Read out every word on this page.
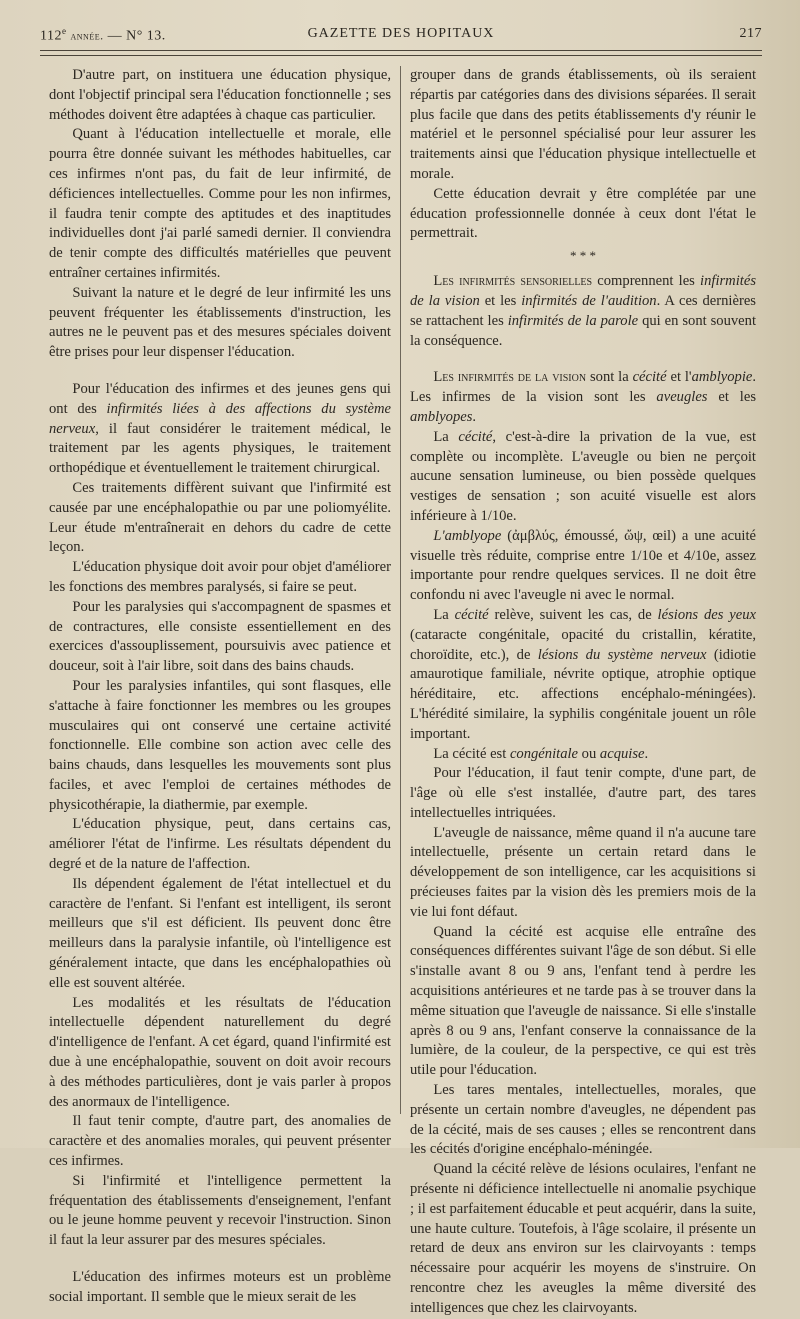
112e année. — N° 13.	GAZETTE DES HOPITAUX	217

D'autre part, on instituera une éducation physique, dont l'objectif principal sera l'éducation fonctionnelle ; ses méthodes doivent être adaptées à chaque cas particulier.

Quant à l'éducation intellectuelle et morale, elle pourra être donnée suivant les méthodes habituelles, car ces infirmes n'ont pas, du fait de leur infirmité, de déficiences intellectuelles. Comme pour les non infirmes, il faudra tenir compte des aptitudes et des inaptitudes individuelles dont j'ai parlé samedi dernier. Il conviendra de tenir compte des difficultés matérielles que peuvent entraîner certaines infirmités.

Suivant la nature et le degré de leur infirmité les uns peuvent fréquenter les établissements d'instruction, les autres ne le peuvent pas et des mesures spéciales doivent être prises pour leur dispenser l'éducation.

Pour l'éducation des infirmes et des jeunes gens qui ont des infirmités liées à des affections du système nerveux, il faut considérer le traitement médical, le traitement par les agents physiques, le traitement orthopédique et éventuellement le traitement chirurgical.

Ces traitements diffèrent suivant que l'infirmité est causée par une encéphalopathie ou par une poliomyélite. Leur étude m'entraînerait en dehors du cadre de cette leçon.

L'éducation physique doit avoir pour objet d'améliorer les fonctions des membres paralysés, si faire se peut.

Pour les paralysies qui s'accompagnent de spasmes et de contractures, elle consiste essentiellement en des exercices d'assouplissement, poursuivis avec patience et douceur, soit à l'air libre, soit dans des bains chauds.

Pour les paralysies infantiles, qui sont flasques, elle s'attache à faire fonctionner les membres ou les groupes musculaires qui ont conservé une certaine activité fonctionnelle. Elle combine son action avec celle des bains chauds, dans lesquelles les mouvements sont plus faciles, et avec l'emploi de certaines méthodes de physicothérapie, la diathermie, par exemple.

L'éducation physique, peut, dans certains cas, améliorer l'état de l'infirme. Les résultats dépendent du degré et de la nature de l'affection.

Ils dépendent également de l'état intellectuel et du caractère de l'enfant. Si l'enfant est intelligent, ils seront meilleurs que s'il est déficient. Ils peuvent donc être meilleurs dans la paralysie infantile, où l'intelligence est généralement intacte, que dans les encéphalopathies où elle est souvent altérée.

Les modalités et les résultats de l'éducation intellectuelle dépendent naturellement du degré d'intelligence de l'enfant. A cet égard, quand l'infirmité est due à une encéphalopathie, souvent on doit avoir recours à des méthodes particulières, dont je vais parler à propos des anormaux de l'intelligence.

Il faut tenir compte, d'autre part, des anomalies de caractère et des anomalies morales, qui peuvent présenter ces infirmes.

Si l'infirmité et l'intelligence permettent la fréquentation des établissements d'enseignement, l'enfant ou le jeune homme peuvent y recevoir l'instruction. Sinon il faut la leur assurer par des mesures spéciales.

L'éducation des infirmes moteurs est un problème social important. Il semble que le mieux serait de les

grouper dans de grands établissements, où ils seraient répartis par catégories dans des divisions séparées. Il serait plus facile que dans des petits établissements d'y réunir le matériel et le personnel spécialisé pour leur assurer les traitements ainsi que l'éducation physique intellectuelle et morale.

Cette éducation devrait y être complétée par une éducation professionnelle donnée à ceux dont l'état le permettrait.

* * *

Les infirmités sensorielles comprennent les infirmités de la vision et les infirmités de l'audition. A ces dernières se rattachent les infirmités de la parole qui en sont souvent la conséquence.

Les infirmités de la vision sont la cécité et l'amblyopie. Les infirmes de la vision sont les aveugles et les amblyopes.

La cécité, c'est-à-dire la privation de la vue, est complète ou incomplète. L'aveugle ou bien ne perçoit aucune sensation lumineuse, ou bien possède quelques vestiges de sensation ; son acuité visuelle est alors inférieure à 1/10e.

L'amblyope (ἀμβλύς, émoussé, ὤψ, œil) a une acuité visuelle très réduite, comprise entre 1/10e et 4/10e, assez importante pour rendre quelques services. Il ne doit être confondu ni avec l'aveugle ni avec le normal.

La cécité relève, suivent les cas, de lésions des yeux (cataracte congénitale, opacité du cristallin, kératite, choroïdite, etc.), de lésions du système nerveux (idiotie amaurotique familiale, névrite optique, atrophie optique héréditaire, etc. affections encéphalo-méningées). L'hérédité similaire, la syphilis congénitale jouent un rôle important.

La cécité est congénitale ou acquise.

Pour l'éducation, il faut tenir compte, d'une part, de l'âge où elle s'est installée, d'autre part, des tares intellectuelles intriquées.

L'aveugle de naissance, même quand il n'a aucune tare intellectuelle, présente un certain retard dans le développement de son intelligence, car les acquisitions si précieuses faites par la vision dès les premiers mois de la vie lui font défaut.

Quand la cécité est acquise elle entraîne des conséquences différentes suivant l'âge de son début. Si elle s'installe avant 8 ou 9 ans, l'enfant tend à perdre les acquisitions antérieures et ne tarde pas à se trouver dans la même situation que l'aveugle de naissance. Si elle s'installe après 8 ou 9 ans, l'enfant conserve la connaissance de la lumière, de la couleur, de la perspective, ce qui est très utile pour l'éducation.

Les tares mentales, intellectuelles, morales, que présente un certain nombre d'aveugles, ne dépendent pas de la cécité, mais de ses causes ; elles se rencontrent dans les cécités d'origine encéphalo-méningée.

Quand la cécité relève de lésions oculaires, l'enfant ne présente ni déficience intellectuelle ni anomalie psychique ; il est parfaitement éducable et peut acquérir, dans la suite, une haute culture. Toutefois, à l'âge scolaire, il présente un retard de deux ans environ sur les clairvoyants : temps nécessaire pour acquérir les moyens de s'instruire. On rencontre chez les aveugles la même diversité des intelligences que chez les clairvoyants.
